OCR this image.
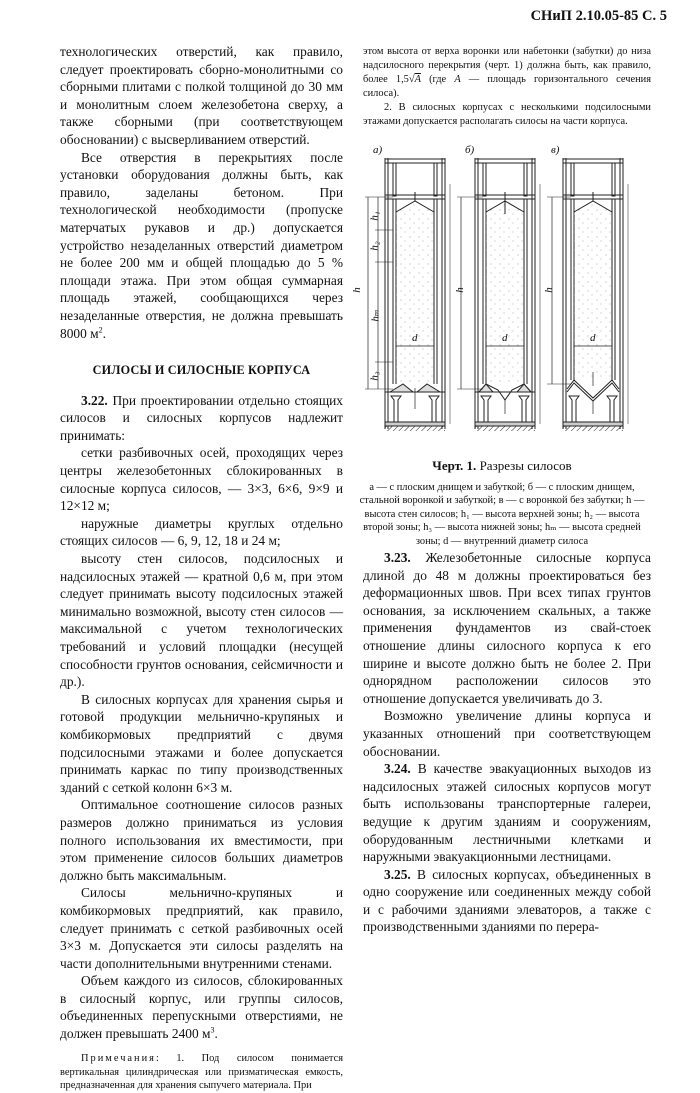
СНиП 2.10.05-85 С. 5

технологических отверстий, как правило, следует проектировать сборно-монолитными со сборными плитами с полкой толщиной до 30 мм и монолитным слоем железобетона сверху, а также сборными (при соответствующем обосновании) с высверливанием отверстий.

Все отверстия в перекрытиях после установки оборудования должны быть, как правило, заделаны бетоном. При технологической необходимости (пропуске матерчатых рукавов и др.) допускается устройство незаделанных отверстий диаметром не более 200 мм и общей площадью до 5 % площади этажа. При этом общая суммарная площадь этажей, сообщающихся через незаделанные отверстия, не должна превышать 8000 $м^2$.

СИЛОСЫ И СИЛОСНЫЕ КОРПУСА

3.22. При проектировании отдельно стоящих силосов и силосных корпусов надлежит принимать:

сетки разбивочных осей, проходящих через центры железобетонных сблокированных в силосные корпуса силосов, — 3×3, 6×6, 9×9 и 12×12 м;

наружные диаметры круглых отдельно стоящих силосов — 6, 9, 12, 18 и 24 м;

высоту стен силосов, подсилосных и надсилосных этажей — кратной 0,6 м, при этом следует принимать высоту подсилосных этажей минимально возможной, высоту стен силосов — максимальной с учетом технологических требований и условий площадки (несущей способности грунтов основания, сейсмичности и др.).

В силосных корпусах для хранения сырья и готовой продукции мельнично-крупяных и комбикормовых предприятий с двумя подсилосными этажами и более допускается принимать каркас по типу производственных зданий с сеткой колонн 6×3 м.

Оптимальное соотношение силосов разных размеров должно приниматься из условия полного использования их вместимости, при этом применение силосов больших диаметров должно быть максимальным.

Силосы мельнично-крупяных и комбикормовых предприятий, как правило, следует принимать с сеткой разбивочных осей 3×3 м. Допускается эти силосы разделять на части дополнительными внутренними стенами.

Объем каждого из силосов, сблокированных в силосный корпус, или группы силосов, объединенных перепускными отверстиями, не должен превышать 2400 $м^3$.

Примечания: 1. Под силосом понимается вертикальная цилиндрическая или призматическая емкость, предназначенная для хранения сыпучего материала. При

этом высота от верха воронки или набетонки (забутки) до низа надсилосного перекрытия (черт. 1) должна быть, как правило, более 1,5√A (где A — площадь горизонтального сечения силоса).

2. В силосных корпусах с несколькими подсилосными этажами допускается располагать силосы на части корпуса.

а)	б)	в)
h
h₁
h₂
hₘ
h₃
h	h
d	d	d
Черт. 1. Разрезы силосов
а — с плоским днищем и забуткой; б — с плоским днищем, стальной воронкой и забуткой; в — с воронкой без забутки; h — высота стен силосов; h₁ — высота верхней зоны; h₂ — высота второй зоны; h₃ — высота нижней зоны; hₘ — высота средней зоны; d — внутренний диаметр силоса

3.23. Железобетонные силосные корпуса длиной до 48 м должны проектироваться без деформационных швов. При всех типах грунтов основания, за исключением скальных, а также применения фундаментов из свай-стоек отношение длины силосного корпуса к его ширине и высоте должно быть не более 2. При однорядном расположении силосов это отношение допускается увеличивать до 3.

Возможно увеличение длины корпуса и указанных отношений при соответствующем обосновании.

3.24. В качестве эвакуационных выходов из надсилосных этажей силосных корпусов могут быть использованы транспортерные галереи, ведущие к другим зданиям и сооружениям, оборудованным лестничными клетками и наружными эвакуакционными лестницами.

3.25. В силосных корпусах, объединенных в одно сооружение или соединенных между собой и с рабочими зданиями элеваторов, а также с производственными зданиями по перера-
